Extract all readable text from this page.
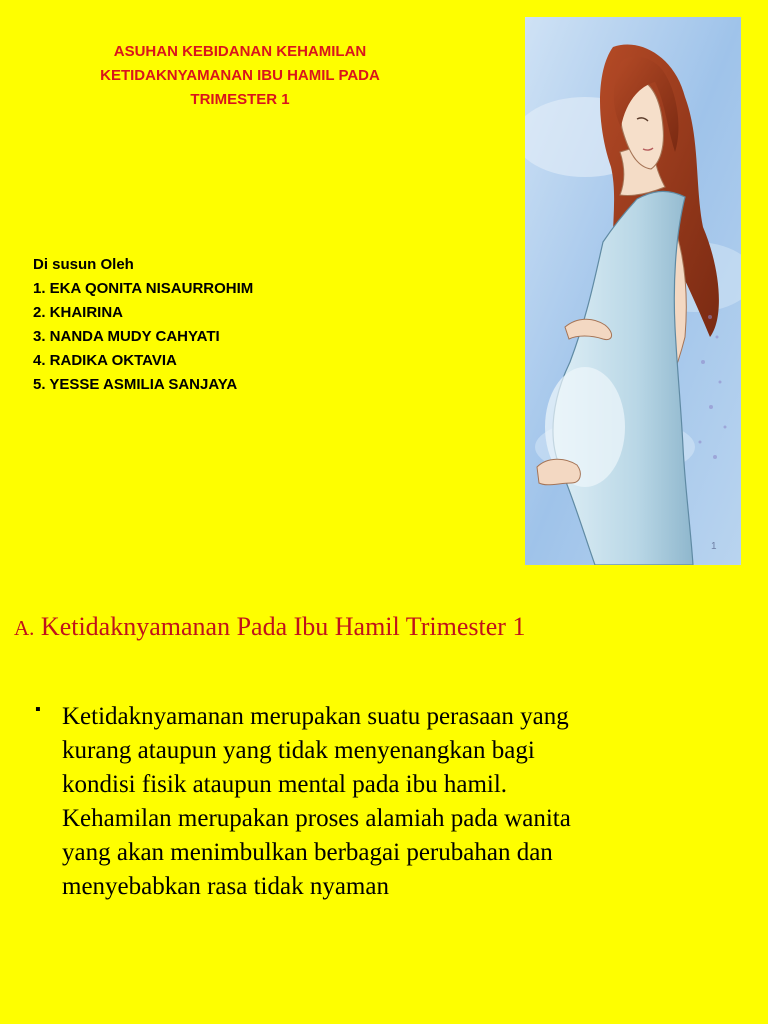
ASUHAN KEBIDANAN KEHAMILAN
KETIDAKNYAMANAN IBU HAMIL PADA
TRIMESTER 1
Di susun Oleh
1. EKA QONITA NISAURROHIM
2. KHAIRINA
3. NANDA MUDY CAHYATI
4. RADIKA OKTAVIA
5. YESSE ASMILIA SANJAYA
1
A. Ketidaknyamanan Pada Ibu Hamil Trimester 1
▪ Ketidaknyamanan merupakan suatu perasaan yang
kurang ataupun yang tidak menyenangkan bagi
kondisi fisik ataupun mental pada ibu hamil.
Kehamilan merupakan proses alamiah pada wanita
yang akan menimbulkan berbagai perubahan dan
menyebabkan rasa tidak nyaman
